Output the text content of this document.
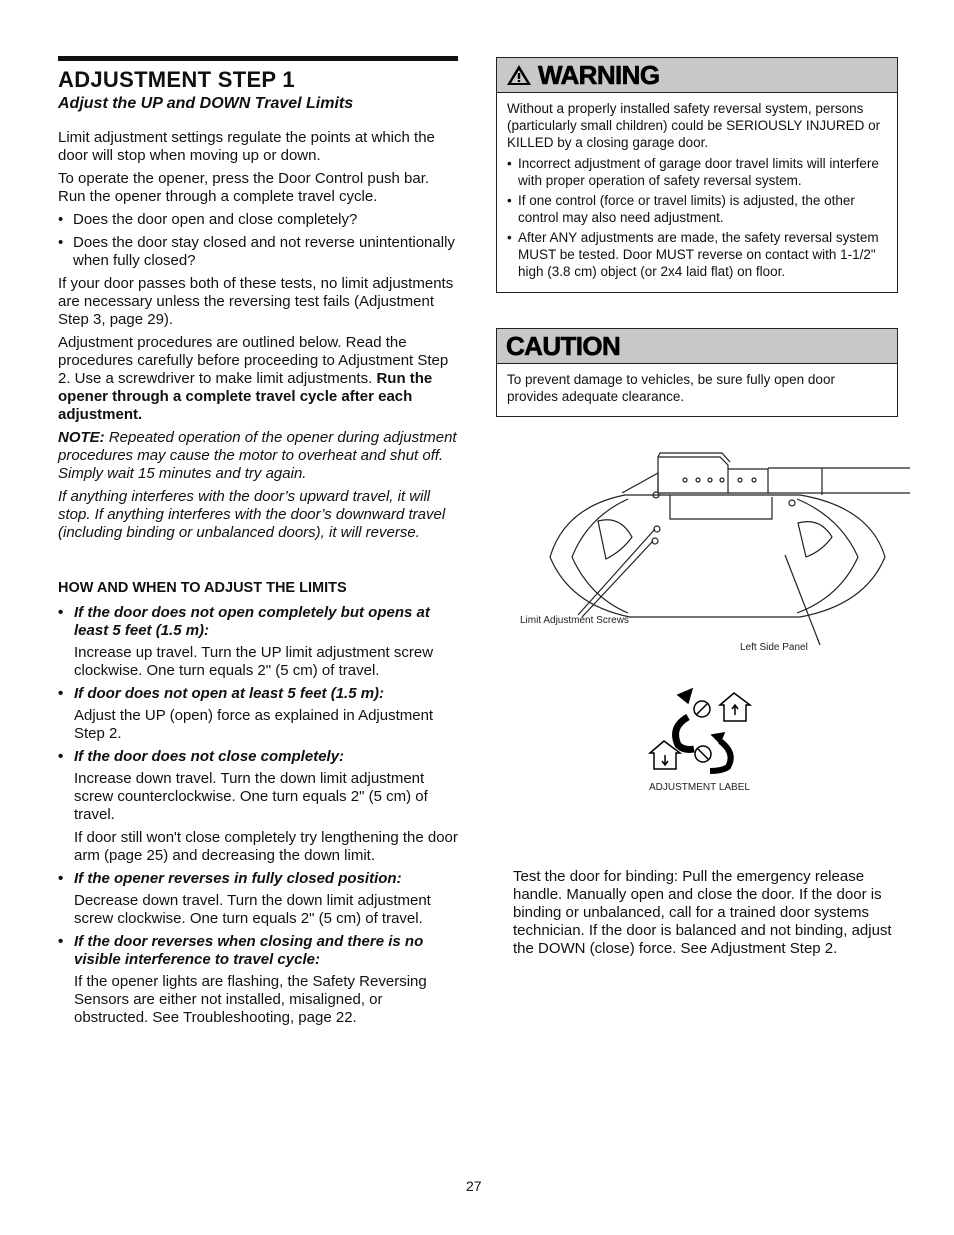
ADJUSTMENT STEP 1
Adjust the UP and DOWN Travel Limits

Limit adjustment settings regulate the points at which the door will stop when moving up or down.

To operate the opener, press the Door Control push bar. Run the opener through a complete travel cycle.

• Does the door open and close completely?
• Does the door stay closed and not reverse unintentionally when fully closed?

If your door passes both of these tests, no limit adjustments are necessary unless the reversing test fails (Adjustment Step 3, page 29).

Adjustment procedures are outlined below. Read the procedures carefully before proceeding to Adjustment Step 2. Use a screwdriver to make limit adjustments. Run the opener through a complete travel cycle after each adjustment.

NOTE: Repeated operation of the opener during adjustment procedures may cause the motor to overheat and shut off. Simply wait 15 minutes and try again.

If anything interferes with the door’s upward travel, it will stop. If anything interferes with the door’s downward travel (including binding or unbalanced doors), it will reverse.

HOW AND WHEN TO ADJUST THE LIMITS
• If the door does not open completely but opens at least 5 feet (1.5 m):
Increase up travel. Turn the UP limit adjustment screw clockwise. One turn equals 2" (5 cm) of travel.
• If door does not open at least 5 feet (1.5 m):
Adjust the UP (open) force as explained in Adjustment Step 2.
• If the door does not close completely:
Increase down travel. Turn the down limit adjustment screw counterclockwise. One turn equals 2" (5 cm) of travel.
If door still won't close completely try lengthening the door arm (page 25) and decreasing the down limit.
• If the opener reverses in fully closed position:
Decrease down travel. Turn the down limit adjustment screw clockwise. One turn equals 2" (5 cm) of travel.
• If the door reverses when closing and there is no visible interference to travel cycle:
If the opener lights are flashing, the Safety Reversing Sensors are either not installed, misaligned, or obstructed. See Troubleshooting, page 22.
WARNING

Without a properly installed safety reversal system, persons (particularly small children) could be SERIOUSLY INJURED or KILLED by a closing garage door.

• Incorrect adjustment of garage door travel limits will interfere with proper operation of safety reversal system.
• If one control (force or travel limits) is adjusted, the other control may also need adjustment.
• After ANY adjustments are made, the safety reversal system MUST be tested. Door MUST reverse on contact with 1-1/2" high (3.8 cm) object (or 2x4 laid flat) on floor.
CAUTION

To prevent damage to vehicles, be sure fully open door provides adequate clearance.

Limit Adjustment Screws
Left Side Panel
ADJUSTMENT LABEL
Test the door for binding: Pull the emergency release handle. Manually open and close the door. If the door is binding or unbalanced, call for a trained door systems technician. If the door is balanced and not binding, adjust the DOWN (close) force. See Adjustment Step 2.
27
